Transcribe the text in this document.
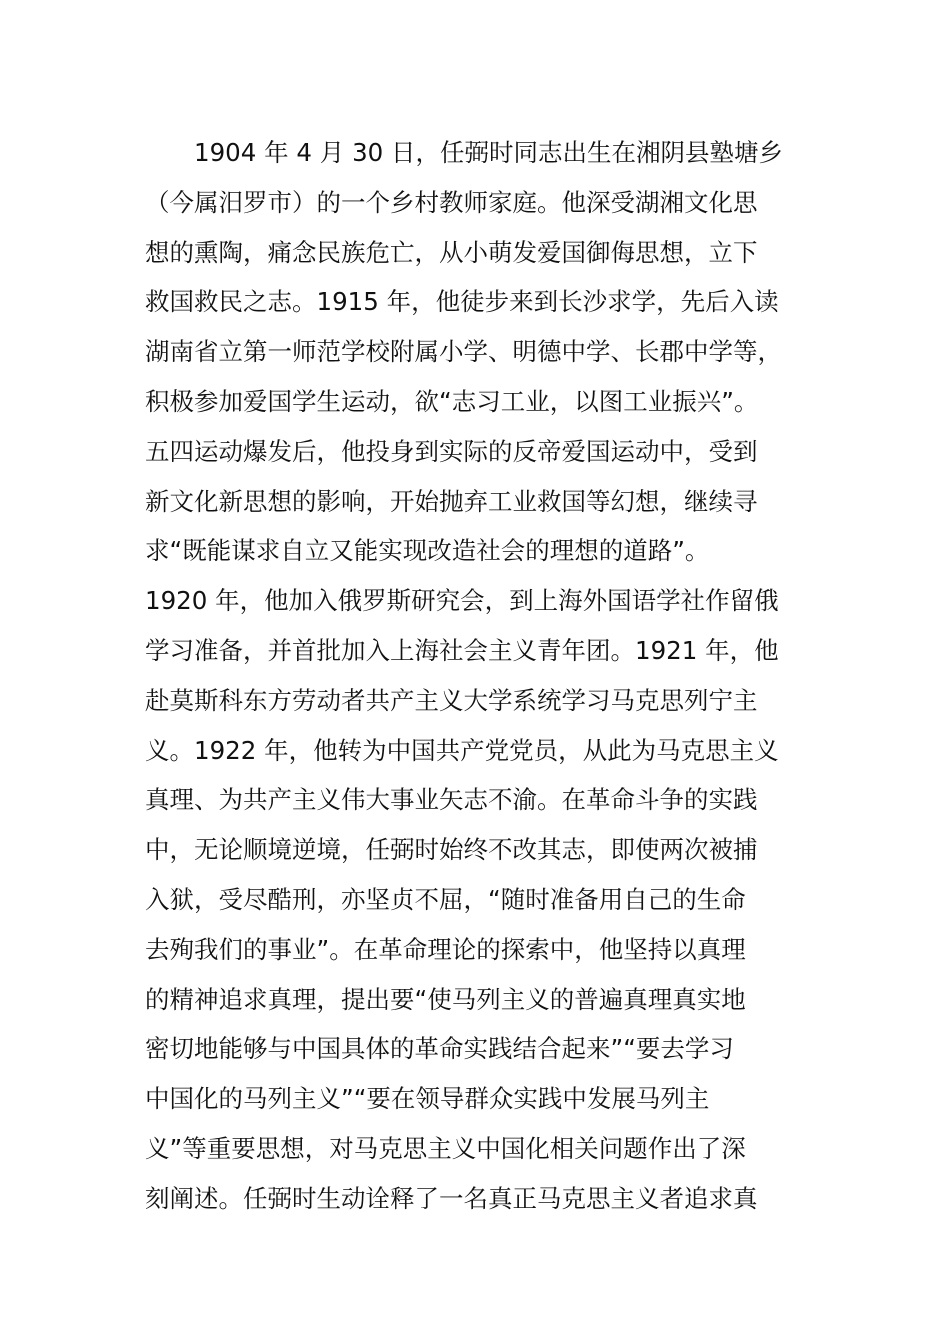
1904 年 4 月 30 日，任弼时同志出生在湘阴县塾塘乡
（今属汨罗市）的一个乡村教师家庭。他深受湖湘文化思
想的熏陶，痛念民族危亡，从小萌发爱国御侮思想，立下
救国救民之志。1915 年，他徒步来到长沙求学，先后入读
湖南省立第一师范学校附属小学、明德中学、长郡中学等，
积极参加爱国学生运动，欲“志习工业，以图工业振兴”。
五四运动爆发后，他投身到实际的反帝爱国运动中，受到
新文化新思想的影响，开始抛弃工业救国等幻想，继续寻
求“既能谋求自立又能实现改造社会的理想的道路”。
1920 年，他加入俄罗斯研究会，到上海外国语学社作留俄
学习准备，并首批加入上海社会主义青年团。1921 年，他
赴莫斯科东方劳动者共产主义大学系统学习马克思列宁主
义。1922 年，他转为中国共产党党员，从此为马克思主义
真理、为共产主义伟大事业矢志不渝。在革命斗争的实践
中，无论顺境逆境，任弼时始终不改其志，即使两次被捕
入狱，受尽酷刑，亦坚贞不屈，“随时准备用自己的生命
去殉我们的事业”。在革命理论的探索中，他坚持以真理
的精神追求真理，提出要“使马列主义的普遍真理真实地
密切地能够与中国具体的革命实践结合起来”“要去学习
中国化的马列主义”“要在领导群众实践中发展马列主
义”等重要思想，对马克思主义中国化相关问题作出了深
刻阐述。任弼时生动诠释了一名真正马克思主义者追求真
